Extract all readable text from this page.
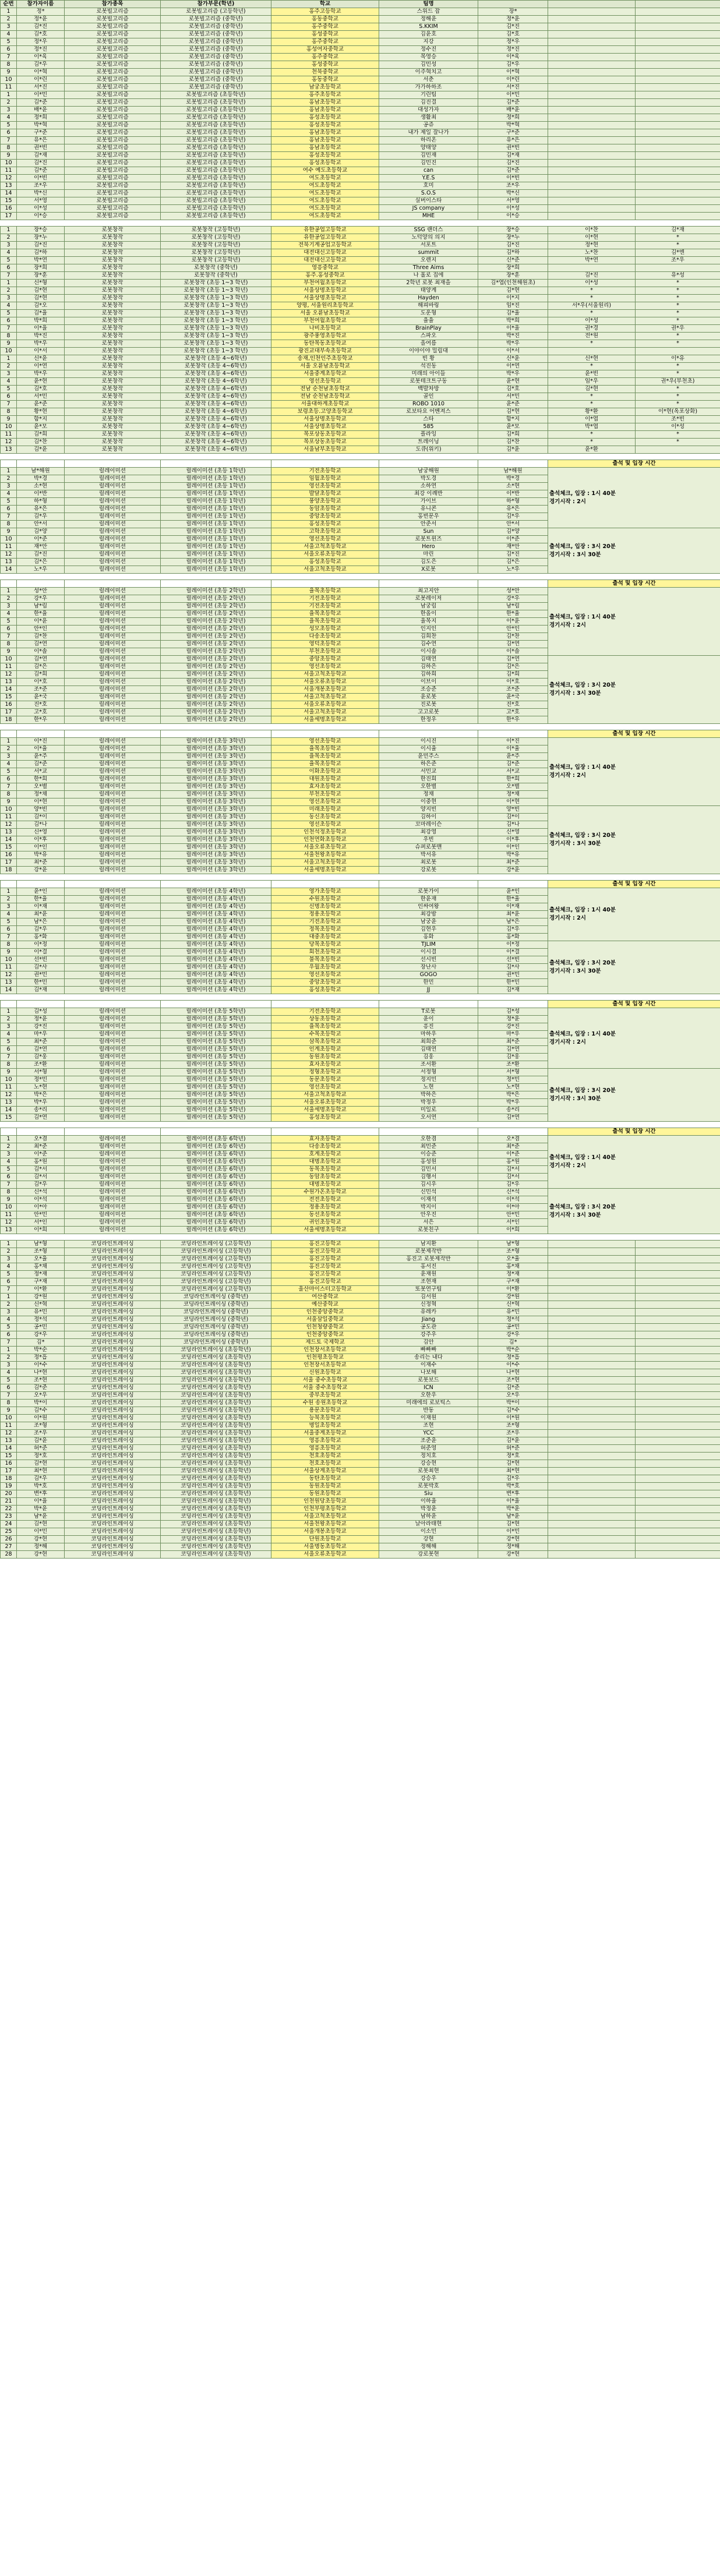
순번	참가자이름	참가종목	참가부문(학년)	학교	팀명			
1	정*	로봇빌고리즘	로봇빌고리즘 (고등학년)	홍주고등학교	스위드 잡	장*		
2	정*윤	로봇빌고리즘	로봇빌고리즘 (중학년)	홍동중학교	정해윤	정*윤		
3	김*진	로봇빌고리즘	로봇빌고리즘 (중학년)	홍주중학교	S.KKIM	김*진		
4	김*호	로봇빌고리즘	로봇빌고리즘 (중학년)	홍성중학교	김윤호	김*호		
5	정*우	로봇빌고리즘	로봇빌고리즘 (중학년)	홍주중학교	지강	정*우		
6	정*진	로봇빌고리즘	로봇빌고리즘 (중학년)	홍성여자중학교	정수진	정*진		
7	이*육	로봇빌고리즘	로봇빌고리즘 (중학년)	홍주중학교	목영승	이*육		
8	김*우	로봇빌고리즘	로봇빌고리즘 (중학년)	홍성중학교	김민성	김*우		
9	이*혁	로봇빌고리즘	로봇빌고리즘 (중학년)	천북중학교	이주혁치고	이*혁		
10	이*린	로봇빌고리즘	로봇빌고리즘 (중학년)	홍동중학교	서춘	이*린		
11	서*진	로봇빌고리즘	로봇빌고리즘 (중학년)	남궁초등학교	가가하하조	서*진		
1	이*민	로봇빌고리즘	로봇빌고리즘 (초등학년)	홍주초등학교	기린팀	이*민		
2	김*준	로봇빌고리즘	로봇빌고리즘 (초등학년)	홍남초등학교	김진결	김*준		
3	배*윤	로봇빌고리즘	로봇빌고리즘 (초등학년)	홍남초등학교	대성가자	배*윤		
4	정*희	로봇빌고리즘	로봇빌고리즘 (초등학년)	홍성초등학교	생활최	정*희		
5	박*혁	로봇빌고리즘	로봇빌고리즘 (초등학년)	홍성초등학교	공쥬	박*혁		
6	구*준	로봇빌고리즘	로봇빌고리즘 (초등학년)	홍남초등학교	내가 제일 잘나가	구*준		
7	유*은	로봇빌고리즘	로봇빌고리즘 (초등학년)	홍남초등학교	하리온	유*은		
8	권*빈	로봇빌고리즘	로봇빌고리즘 (초등학년)	홍남초등학교	양태양	권*빈		
9	김*재	로봇빌고리즘	로봇빌고리즘 (초등학년)	홍성초등학교	김민재	김*재		
10	김*진	로봇빌고리즘	로봇빌고리즘 (초등학년)	홍성초등학교	김민진	김*진		
11	김*준	로봇빌고리즘	로봇빌고리즘 (초등학년)	여수 예도초등학교	can	김*준		
12	이*빈	로봇빌고리즘	로봇빌고리즘 (초등학년)	여도초등학교	Y.E.S	이*빈		
13	조*우	로봇빌고리즘	로봇빌고리즘 (초등학년)	여도초등학교	호미	조*우		
14	박*신	로봇빌고리즘	로봇빌고리즘 (초등학년)	여도초등학교	S.O.S	박*신		
15	서*영	로봇빌고리즘	로봇빌고리즘 (초등학년)	여도초등학교	실버이스타	서*영		
16	이*성	로봇빌고리즘	로봇빌고리즘 (초등학년)	여도초등학교	JS company	이*성		
17	이*승	로봇빌고리즘	로봇빌고리즘 (초등학년)	여도초등학교	MHE	이*승		

1	장*승	로봇창작	로봇창작 (고등학년)	유한공업고등학교	SSG 랜더스	장*승	이*찬	김*재
2	장*누	로봇창작	로봇창작 (고등학년)	유한공업고등학교	노덕양의 의지	장*누	이*현	*
3	김*진	로봇창작	로봇창작 (고등학년)	전북기계공업고등학교	서포트	김*진	정*현	*
4	김*하	로봇창작	로봇창작 (고등학년)	대전대신고등학교	summit	김*하	노*찬	김*엔
5	박*연	로봇창작	로봇창작 (고등학년)	대전대신고등학교	오렌지	신*준	박*연	조*우
6	장*희	로봇창작	로봇창작 (중학년)	영흥중학교	Three Aims	장*희		
7	장*훈	로봇창작	로봇창작 (중학년)	홍주.홍성중학교	나 홀로 집에	장*훈	김*진	유*성
1	신*형	로봇창작	로봇창작 (초등 1~3 학년)	부천여월초등학교	2학년 로봇 최재을	김*엽(인천해원초)	이*성	*
2	김*현	로봇창작	로봇창작 (초등 1~3 학년)	서울상명초등학교	태양계	김*현	*	*
3	김*현	로봇창작	로봇창작 (초등 1~3 학년)	서울상명초등학교	Hayden	이*지	*	*
4	김*오	로봇창작	로봇창작 (초등 1~3 학년)	양평, 서울원리초등학교	해피바링	임*진	서*우(서울원리)	*
5	김*율	로봇창작	로봇창작 (초등 1~3 학년)	서울 오륜남초등학교	도운형	김*율	*	*
6	박*희	로봇창작	로봇창작 (초등 1~3 학년)	부천여월초등학교	율율	박*희	이*성	*
7	이*율	로봇창작	로봇창작 (초등 1~3 학년)	나비초등학교	BrainPlay	이*율	권*경	권*우
8	박*진	로봇창작	로봇창작 (초등 1~3 학년)	광주풍영초등학교	스파오	박*진	전*원	*
9	박*우	로봇창작	로봇창작 (초등 1~3 학년)	동탄목동초등학교	올여름	박*우	*	*
10	이*서	로봇창작	로봇창작 (초등 1~3 학년)	광진교대부속초등학교	이야이야 밀림대	이*서		
1	신*윤	로봇창작	로봇창작 (초등 4~6학년)	송재,인천인주초등학교	빈 황	신*윤	신*현	이*유
2	이*연	로봇창작	로봇창작 (초등 4~6학년)	서울 오륜남초등학교	석진동	이*연	*	*
3	박*우	로봇창작	로봇창작 (초등 4~6학년)	서울중계초등학교	미래의 아이들	박*우	윤*빈	*
4	윤*현	로봇창작	로봇창작 (초등 4~6학년)	영선초등학교	로봇테크트구동	윤*현	임*우	권*우(부천초)
5	김*호	로봇창작	로봇창작 (초등 4~6학년)	전남 순천남초등학교	백발차방	김*호	김*현	*
6	서*민	로봇창작	로봇창작 (초등 4~6학년)	전남 순천남초등학교	골인	서*민	*	*
7	윤*준	로봇창작	로봇창작 (초등 4~6학년)	서울대하계초등학교	ROBO 1010	윤*준	*	*
8	황*현	로봇창작	로봇창작 (초등 4~6학년)	보령초등.고양초등학교	로보타요 어벤져스	김*현	황*환	이*현(옥포상화)
9	함*지	로봇창작	로봇창작 (초등 4~6학년)	서울상명초등학교	스타	함*지	이*엽	조*빈
10	윤*모	로봇창작	로봇창작 (초등 4~6학년)	서울상명초등학교	585	윤*모	박*엽	이*성
11	김*희	로봇창작	로봇창작 (초등 4~6학년)	목포상동초등학교	플라잉	김*희	*	*
12	김*찬	로봇창작	로봇창작 (초등 4~6학년)	목포상동초등학교	트레이닝	김*찬	*	*
13	김*윤	로봇창작	로봇창작 (초등 4~6학년)	서울남부초등학교	도큐(위키)	김*윤	윤*환	

							출석 및 입장 시간	
1	남*해원	릴레이미션	릴레이미션 (초등 1학년)	기전초등학교	남궁해원	남*해원	출석체크, 입장 : 1시 40분
경기시작 : 2시	

2	박*경	릴레이미션	릴레이미션 (초등 1학년)	임월초등학교	박도경	박*경		
3	소*현	릴레이미션	릴레이미션 (초등 1학년)	영선초등학교	소하연	소*현		
4	이*반	릴레이미션	릴레이미션 (초등 1학년)	발달초등학교	최강 이례반	이*반		
5	하*형	릴레이미션	릴레이미션 (초등 1학년)	풍양초등학교	가이브	하*형		
6	유*은	릴레이미션	릴레이미션 (초등 1학년)	동암초등학교	유니콘	유*은		
7	김*우	릴레이미션	릴레이미션 (초등 1학년)	중앙초등학교	홍빈문우	김*우		
8	안*서	릴레이미션	릴레이미션 (초등 1학년)	홍성초등학교	안준서	안*서		
9	김*양	릴레이미션	릴레이미션 (초등 1학년)	고학초등학교	Sun	김*양	출석체크, 입장 : 3시 20분
경기시작 : 3시 30분	

10	이*준	릴레이미션	릴레이미션 (초등 1학년)	영선초등학교	로봇트윈즈	이*준		
11	재*안	릴레이미션	릴레이미션 (초등 1학년)	서울고척초등학교	Hero	재*안		
12	김*진	릴레이미션	릴레이미션 (초등 1학년)	서울오류초등학교	마린	김*진		
13	김*은	릴레이미션	릴레이미션 (초등 1학년)	홍성초등학교	김도은	김*은		
14	노*우	릴레이미션	릴레이미션 (초등 1학년)	서울고척초등학교	X로봇	노*우		

							출석 및 입장 시간	
1	성*안	릴레이미션	릴레이미션 (초등 2학년)	율목초등학교	최고지안	성*안	출석체크, 입장 : 1시 40분
경기시작 : 2시	

2	강*우	릴레이미션	릴레이미션 (초등 2학년)	기전초등학교	로봇레이저	강*우		
3	남*림	릴레이미션	릴레이미션 (초등 2학년)	기전초등학교	남궁림	남*림		
4	한*율	릴레이미션	릴레이미션 (초등 2학년)	율목초등학교	한올이	한*율		
5	이*윤	릴레이미션	릴레이미션 (초등 2학년)	율목초등학교	율목지	이*윤		
6	안*인	릴레이미션	릴레이미션 (초등 2학년)	성모초등학교	인지인	안*인		
7	김*찬	릴레이미션	릴레이미션 (초등 2학년)	다송초등학교	김희찬	김*찬		
8	김*연	릴레이미션	릴레이미션 (초등 2학년)	영덕초등학교	김수연	김*연		
9	이*솔	릴레이미션	릴레이미션 (초등 2학년)	부천초등학교	이시솔	이*솔		
10	김*연	릴레이미션	릴레이미션 (초등 2학년)	중앙초등학교	김태연	김*연	출석체크, 입장 : 3시 20분
경기시작 : 3시 30분	

11	김*은	릴레이미션	릴레이미션 (초등 2학년)	영선초등학교	김하은	김*은		
12	김*희	릴레이미션	릴레이미션 (초등 2학년)	서울고척초등학교	김하희	김*희		
13	이*호	릴레이미션	릴레이미션 (초등 2학년)	서울오류초등학교	이브이	이*호		
14	조*준	릴레이미션	릴레이미션 (초등 2학년)	서울개봉초등학교	조승준	조*준		
15	윤*국	릴레이미션	릴레이미션 (초등 2학년)	서울고척초등학교	윤로봇	윤*국		
16	진*호	릴레이미션	릴레이미션 (초등 2학년)	서울오류초등학교	진로봇	진*호		
17	고*호	릴레이미션	릴레이미션 (초등 2학년)	서울고척초등학교	고고로봇	고*호		
18	한*우	릴레이미션	릴레이미션 (초등 2학년)	서울세명초등학교	한정우	한*우		

							출석 및 입장 시간	
1	이*진	릴레이미션	릴레이미션 (초등 3학년)	영선초등학교	이시진	이*진	출석체크, 입장 : 1시 40분
경기시작 : 2시	

2	이*율	릴레이미션	릴레이미션 (초등 3학년)	율목초등학교	이시율	이*율		
3	윤*주	릴레이미션	릴레이미션 (초등 3학년)	율목초등학교	윤민주스	윤*주		
4	김*준	릴레이미션	릴레이미션 (초등 3학년)	율목초등학교	하은준	김*준		
5	서*교	릴레이미션	릴레이미션 (초등 3학년)	이화초등학교	서민교	서*교		
6	한*희	릴레이미션	릴레이미션 (초등 3학년)	대원초등학교	한진희	한*희		
7	오*별	릴레이미션	릴레이미션 (초등 3학년)	효자초등학교	오한별	오*별		
8	정*채	릴레이미션	릴레이미션 (초등 3학년)	부천초등학교	정채	정*채		
9	이*현	릴레이미션	릴레이미션 (초등 3학년)	영선초등학교	이중현	이*현		
10	양*빈	릴레이미션	릴레이미션 (초등 3학년)	미래초등학교	양지빈	양*빈	출석체크, 입장 : 3시 20분
경기시작 : 3시 30분	

11	김*이	릴레이미션	릴레이미션 (초등 3학년)	동신초등학교	김하이	김*이		
12	김*나	릴레이미션	릴레이미션 (초등 3학년)	영선초등학교	꼬마레이슨	김*나		
13	신*영	릴레이미션	릴레이미션 (초등 3학년)	인천석정초등학교	최강영	신*영		
14	이*후	릴레이미션	릴레이미션 (초등 3학년)	인천연화초등학교	우빈	이*후		
15	이*인	릴레이미션	릴레이미션 (초등 3학년)	서울오류초등학교	슈퍼로봇맨	이*인		
16	박*유	릴레이미션	릴레이미션 (초등 3학년)	서울천왕초등학교	박서유	박*유		
17	최*준	릴레이미션	릴레이미션 (초등 3학년)	서울고척초등학교	최로봇	최*준		
18	강*윤	릴레이미션	릴레이미션 (초등 3학년)	서울세명초등학교	강로봇	강*윤		

							출석 및 입장 시간	
1	윤*인	릴레이미션	릴레이미션 (초등 4학년)	영가초등학교	로봇가이	윤*인	출석체크, 입장 : 1시 40분
경기시작 : 2시	

2	한*율	릴레이미션	릴레이미션 (초등 4학년)	수원초등학교	한윤재	한*율		
3	이*재	릴레이미션	릴레이미션 (초등 4학년)	신명초등학교	인싸여왕	이*재		
4	최*윤	릴레이미션	릴레이미션 (초등 4학년)	정용초등학교	최강밤	최*윤		
5	남*은	릴레이미션	릴레이미션 (초등 4학년)	기전초등학교	남궁윤	남*은		
6	김*우	릴레이미션	릴레이미션 (초등 4학년)	정목초등학교	김현우	김*우		
7	홍*화	릴레이미션	릴레이미션 (초등 4학년)	대중초등학교	홍화	홍*화		
8	이*정	릴레이미션	릴레이미션 (초등 4학년)	당목초등학교	TJLIM	이*정	출석체크, 입장 : 3시 20분
경기시작 : 3시 30분	

9	이*결	릴레이미션	릴레이미션 (초등 4학년)	회천초등학교	이시결	이*결		
10	선*빈	릴레이미션	릴레이미션 (초등 4학년)	불목초등학교	선시빈	선*빈		
11	김*사	릴레이미션	릴레이미션 (초등 4학년)	우월초등학교	장난사	김*사		
12	권*민	릴레이미션	릴레이미션 (초등 4학년)	영선초등학교	GOGO	권*민		
13	한*민	릴레이미션	릴레이미션 (초등 4학년)	중앙초등학교	한민	한*민		
14	김*재	릴레이미션	릴레이미션 (초등 4학년)	홍성초등학교	JJ	김*재		

							출석 및 입장 시간	
1	김*성	릴레이미션	릴레이미션 (초등 5학년)	기전초등학교	T로봇	김*성	출석체크, 입장 : 1시 40분
경기시작 : 2시	

2	정*윤	릴레이미션	릴레이미션 (초등 5학년)	상동초등학교	윤이	정*윤		
3	강*진	릴레이미션	릴레이미션 (초등 5학년)	율목초등학교	흥진	강*진		
4	마*우	릴레이미션	릴레이미션 (초등 5학년)	수목초등학교	마하우	마*우		
5	최*준	릴레이미션	릴레이미션 (초등 5학년)	삼목초등학교	최희준	최*준		
6	김*연	릴레이미션	릴레이미션 (초등 5학년)	인계초등학교	김태연	김*연		
7	김*웅	릴레이미션	릴레이미션 (초등 5학년)	동원초등학교	김웅	김*웅		
8	조*환	릴레이미션	릴레이미션 (초등 5학년)	효자초등학교	조서환	조*환		
9	서*형	릴레이미션	릴레이미션 (초등 5학년)	정형초등학교	서정형	서*형	출석체크, 입장 : 3시 20분
경기시작 : 3시 30분	

10	정*민	릴레이미션	릴레이미션 (초등 5학년)	동문초등학교	정지민	정*민		
11	노*현	릴레이미션	릴레이미션 (초등 5학년)	영선초등학교	노현	노*현		
12	박*은	릴레이미션	릴레이미션 (초등 5학년)	서울고척초등학교	박하은	박*은		
13	박*우	릴레이미션	릴레이미션 (초등 5학년)	서울오류초등학교	박정우	박*우		
14	송*리	릴레이미션	릴레이미션 (초등 5학년)	서울세명초등학교	미일로	송*리		
15	김*연	릴레이미션	릴레이미션 (초등 5학년)	홍성초등학교	오서연	김*연		

							출석 및 입장 시간	
1	오*겸	릴레이미션	릴레이미션 (초등 6학년)	효자초등학교	오한겸	오*겸	출석체크, 입장 : 1시 40분
경기시작 : 2시	

2	최*준	릴레이미션	릴레이미션 (초등 6학년)	다송초등학교	최민준	최*준		
3	이*준	릴레이미션	릴레이미션 (초등 6학년)	호계초등학교	이승준	이*준		
4	홍*원	릴레이미션	릴레이미션 (초등 6학년)	대명초등학교	홍성원	홍*원		
5	김*서	릴레이미션	릴레이미션 (초등 6학년)	동목초등학교	김민서	김*서		
6	김*서	릴레이미션	릴레이미션 (초등 6학년)	동암초등학교	김행서	김*서		
7	김*우	릴레이미션	릴레이미션 (초등 6학년)	대명초등학교	김시우	김*우		
8	신*석	릴레이미션	릴레이미션 (초등 6학년)	수원가온초등학교	신민석	신*석	출석체크, 입장 : 3시 20분
경기시작 : 3시 30분	

9	이*석	릴레이미션	릴레이미션 (초등 6학년)	전전초등학교	이재석	이*석		
10	이*아	릴레이미션	릴레이미션 (초등 6학년)	정용초등학교	박지이	이*아		
11	안*민	릴레이미션	릴레이미션 (초등 6학년)	동선초등학교	안우진	안*민		
12	서*인	릴레이미션	릴레이미션 (초등 6학년)	귀인초등학교	서은	서*인		
13	이*희	릴레이미션	릴레이미션 (초등 6학년)	서울세명초등학교	로봇친구	이*희		

1	남*형	코딩라인트레이싱	코딩라인트레이싱 (고등학년)	홍진고등학교	남지환	남*형		
2	조*형	코딩라인트레이싱	코딩라인트레이싱 (고등학년)	홍진고등학교	로봇제작반	조*형		
3	오*율	코딩라인트레이싱	코딩라인트레이싱 (고등학년)	홍진고등학교	홍진고 로봇제작반	오*율		
4	홍*채	코딩라인트레이싱	코딩라인트레이싱 (고등학년)	홍진고등학교	홍서진	홍*채		
5	정*재	코딩라인트레이싱	코딩라인트레이싱 (고등학년)	홍진고등학교	윤재원	정*재		
6	구*재	코딩라인트레이싱	코딩라인트레이싱 (고등학년)	홍진고등학교	조현재	구*재		
7	이*환	코딩라인트레이싱	코딩라인트레이싱 (고등학년)	울산마이스터고등학교	또봇연구팀	이*환		
1	강*원	코딩라인트레이싱	코딩라인트레이싱 (중학년)	여산중학교	김서원	강*원		
2	신*혁	코딩라인트레이싱	코딩라인트레이싱 (중학년)	예산중학교	신정혁	신*혁		
3	유*민	코딩라인트레이싱	코딩라인트레이싱 (중학년)	인천중앙중학교	유레카	유*민		
4	정*석	코딩라인트레이싱	코딩라인트레이싱 (중학년)	서울삼일중학교	Jiang	정*석		
5	공*민	코딩라인트레이싱	코딩라인트레이싱 (중학년)	인천청량중학교	공도관	공*민		
6	강*우	코딩라인트레이싱	코딩라인트레이싱 (중학년)	인천중앙중학교	강주우	강*우		
7	김*	코딩라인트레이싱	코딩라인트레이싱 (중학년)	제드토 국제학교	김안	김*		
1	박*순	코딩라인트레이싱	코딩라인트레이싱 (초등학년)	인천장서초등학교	빠빠빠	박*순		
2	정*흡	코딩라인트레이싱	코딩라인트레이싱 (초등학년)	인천평초등학교	송리는 내다	정*흡		
3	이*수	코딩라인트레이싱	코딩라인트레이싱 (초등학년)	인천장서초등학교	이재수	이*수		
4	나*현	코딩라인트레이싱	코딩라인트레이싱 (초등학년)	신원초등학교	나보해	나*현		
5	조*현	코딩라인트레이싱	코딩라인트레이싱 (초등학년)	서울 중수초등학교	로봇보드	조*현		
6	김*준	코딩라인트레이싱	코딩라인트레이싱 (초등학년)	서울 중수초등학교	ICN	김*준		
7	오*우	코딩라인트레이싱	코딩라인트레이싱 (초등학년)	중부초등학교	오한우	오*우		
8	박*이	코딩라인트레이싱	코딩라인트레이싱 (초등학년)	수원 송원초등학교	미래에의 로보틱스	박*이		
9	김*수	코딩라인트레이싱	코딩라인트레이싱 (초등학년)	용문초등학교	반동	김*수		
10	이*원	코딩라인트레이싱	코딩라인트레이싱 (초등학년)	능북초등학교	이재원	이*원		
11	조*형	코딩라인트레이싱	코딩라인트레이싱 (초등학년)	명일초등학교	조현	조*형		
12	조*우	코딩라인트레이싱	코딩라인트레이싱 (초등학년)	서울중계초등학교	YCC	조*우		
13	김*윤	코딩라인트레이싱	코딩라인트레이싱 (초등학년)	영흥초등학교	조준윤	김*윤		
14	허*준	코딩라인트레이싱	코딩라인트레이싱 (초등학년)	영흥초등학교	허준영	허*준		
15	정*호	코딩라인트레이싱	코딩라인트레이싱 (초등학년)	천호초등학교	정치호	정*호		
16	김*현	코딩라인트레이싱	코딩라인트레이싱 (초등학년)	천호초등학교	강승현	김*현		
17	최*현	코딩라인트레이싱	코딩라인트레이싱 (초등학년)	서울상계초등학교	로봇최현	최*현		
18	김*우	코딩라인트레이싱	코딩라인트레이싱 (초등학년)	동탄초등학교	강승우	김*우		
19	박*호	코딩라인트레이싱	코딩라인트레이싱 (초등학년)	동원초등학교	로봇박호	박*호		
20	변*후	코딩라인트레이싱	코딩라인트레이싱 (초등학년)	동원초등학교	Siu	변*후		
21	이*율	코딩라인트레이싱	코딩라인트레이싱 (초등학년)	인천원당초등학교	이하율	이*율		
22	박*윤	코딩라인트레이싱	코딩라인트레이싱 (초등학년)	인천부평초등학교	박정윤	박*윤		
23	남*윤	코딩라인트레이싱	코딩라인트레이싱 (초등학년)	서울고척초등학교	남하윤	남*윤		
24	김*현	코딩라인트레이싱	코딩라인트레이싱 (초등학년)	서울천왕초등학교	날아라태현	김*현		
25	이*민	코딩라인트레이싱	코딩라인트레이싱 (초등학년)	서울개봉초등학교	이소민	이*민		
26	강*현	코딩라인트레이싱	코딩라인트레이싱 (초등학년)	단원초등학교	강현	강*현		
27	정*해	코딩라인트레이싱	코딩라인트레이싱 (초등학년)	서울명동초등학교	정해해	정*해		
28	강*현	코딩라인트레이싱	코딩라인트레이싱 (초등학년)	서울오류초등학교	강로봇현	강*현		
